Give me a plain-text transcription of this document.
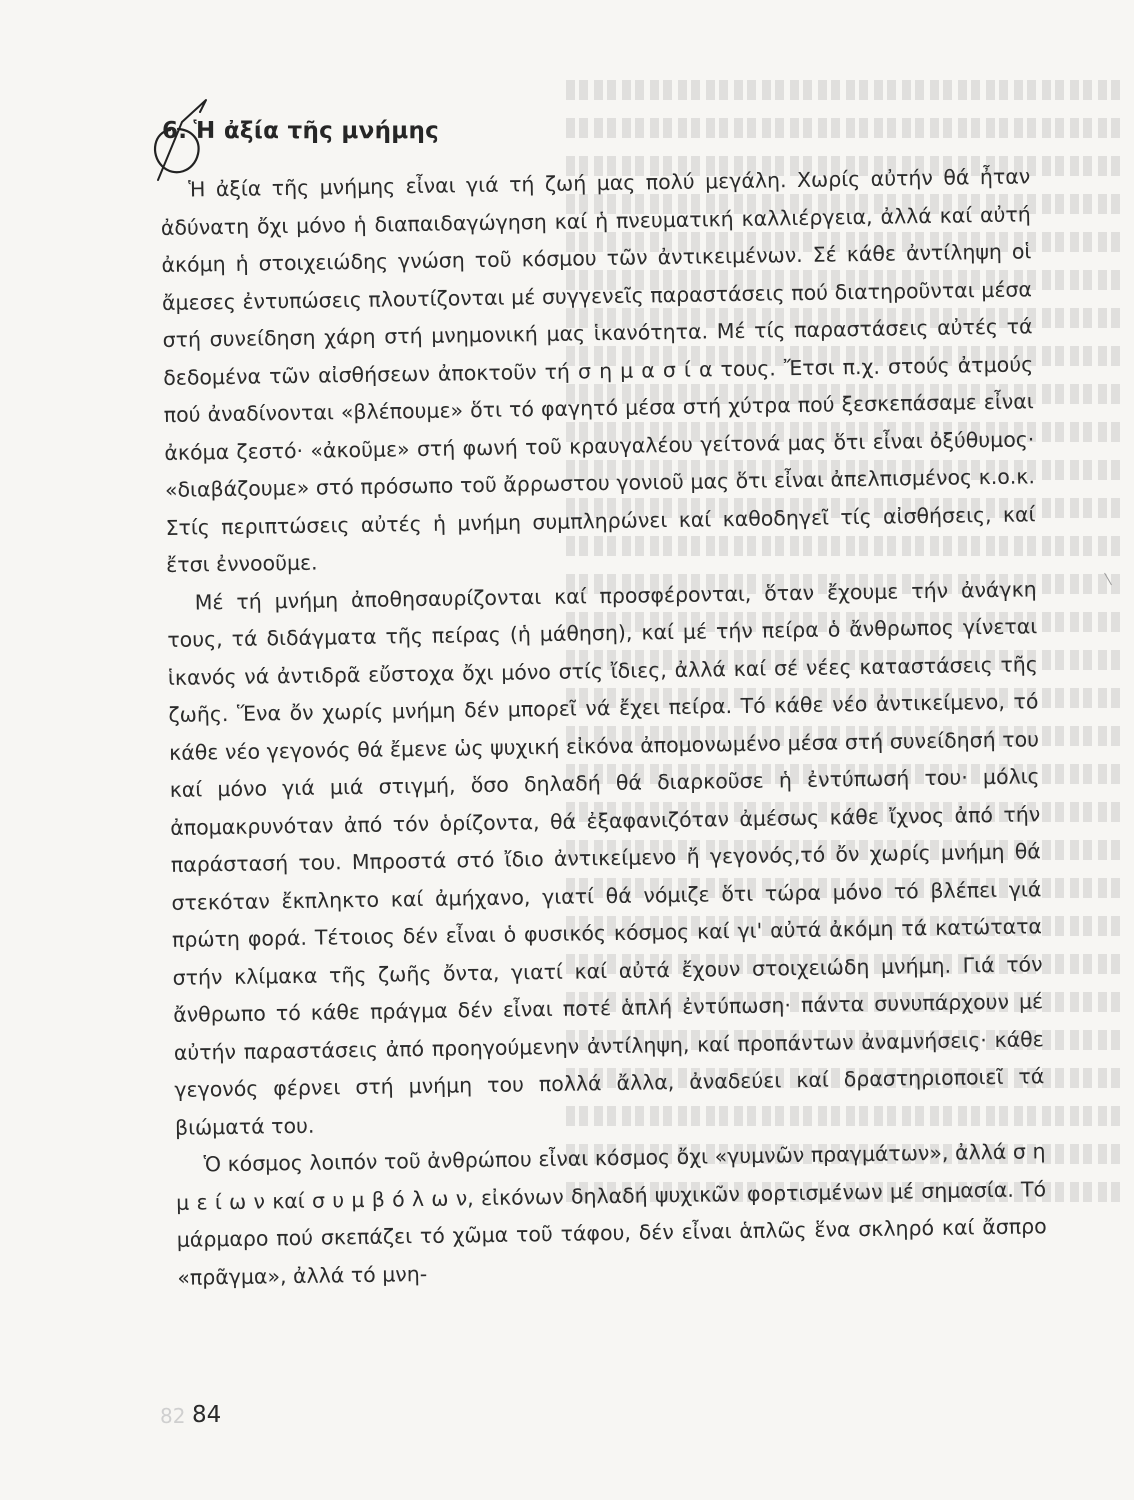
6. Ἡ ἀξία τῆς μνήμης

Ἡ ἀξία τῆς μνήμης εἶναι γιά τή ζωή μας πολύ μεγάλη. Χωρίς αὐτήν θά ἦταν ἀδύνατη ὄχι μόνο ἡ διαπαιδαγώγηση καί ἡ πνευματική καλλιέργεια, ἀλλά καί αὐτή ἀκόμη ἡ στοιχειώδης γνώση τοῦ κόσμου τῶν ἀντικειμένων. Σέ κάθε ἀντίληψη οἱ ἄμεσες ἐντυπώσεις πλουτίζονται μέ συγγενεῖς παραστάσεις πού διατηροῦνται μέσα στή συνείδηση χάρη στή μνημονική μας ἱκανότητα. Μέ τίς παραστάσεις αὐτές τά δεδομένα τῶν αἰσθήσεων ἀποκτοῦν τή σ η μ α σ ί α τους. Ἔτσι π.χ. στούς ἀτμούς πού ἀναδίνονται «βλέπουμε» ὅτι τό φαγητό μέσα στή χύτρα πού ξεσκεπάσαμε εἶναι ἀκόμα ζεστό· «ἀκοῦμε» στή φωνή τοῦ κραυγαλέου γείτονά μας ὅτι εἶναι ὀξύθυμος· «διαβάζουμε» στό πρόσωπο τοῦ ἄρρωστου γονιοῦ μας ὅτι εἶναι ἀπελπισμένος κ.ο.κ. Στίς περιπτώσεις αὐτές ἡ μνήμη συμπληρώνει καί καθοδηγεῖ τίς αἰσθήσεις, καί ἔτσι ἐννοοῦμε.

Μέ τή μνήμη ἀποθησαυρίζονται καί προσφέρονται, ὅταν ἔχουμε τήν ἀνάγκη τους, τά διδάγματα τῆς πείρας (ἡ μάθηση), καί μέ τήν πείρα ὁ ἄνθρωπος γίνεται ἱκανός νά ἀντιδρᾶ εὔστοχα ὄχι μόνο στίς ἴδιες, ἀλλά καί σέ νέες καταστάσεις τῆς ζωῆς. Ἕνα ὄν χωρίς μνήμη δέν μπορεῖ νά ἔχει πείρα. Τό κάθε νέο ἀντικείμενο, τό κάθε νέο γεγονός θά ἔμενε ὡς ψυχική εἰκόνα ἀπομονωμένο μέσα στή συνείδησή του καί μόνο γιά μιά στιγμή, ὅσο δηλαδή θά διαρκοῦσε ἡ ἐντύπωσή του· μόλις ἀπομακρυνόταν ἀπό τόν ὁρίζοντα, θά ἐξαφανιζόταν ἀμέσως κάθε ἴχνος ἀπό τήν παράστασή του. Μπροστά στό ἴδιο ἀντικείμενο ἤ γεγονός,τό ὄν χωρίς μνήμη θά στεκόταν ἔκπληκτο καί ἀμήχανο, γιατί θά νόμιζε ὅτι τώρα μόνο τό βλέπει γιά πρώτη φορά. Τέτοιος δέν εἶναι ὁ φυσικός κόσμος καί γι' αὐτά ἀκόμη τά κατώτατα στήν κλίμακα τῆς ζωῆς ὄντα, γιατί καί αὐτά ἔχουν στοιχειώδη μνήμη. Γιά τόν ἄνθρωπο τό κάθε πράγμα δέν εἶναι ποτέ ἁπλή ἐντύπωση· πάντα συνυπάρχουν μέ αὐτήν παραστάσεις ἀπό προηγούμενην ἀντίληψη, καί προπάντων ἀναμνήσεις· κάθε γεγονός φέρνει στή μνήμη του πολλά ἄλλα, ἀναδεύει καί δραστηριοποιεῖ τά βιώματά του.

Ὁ κόσμος λοιπόν τοῦ ἀνθρώπου εἶναι κόσμος ὄχι «γυμνῶν πραγμάτων», ἀλλά σ η μ ε ί ω ν καί σ υ μ β ό λ ω ν, εἰκόνων δηλαδή ψυχικῶν φορτισμένων μέ σημασία. Τό μάρμαρο πού σκεπάζει τό χῶμα τοῦ τάφου, δέν εἶναι ἁπλῶς ἕνα σκληρό καί ἄσπρο «πρᾶγμα», ἀλλά τό μνη-

82 84
